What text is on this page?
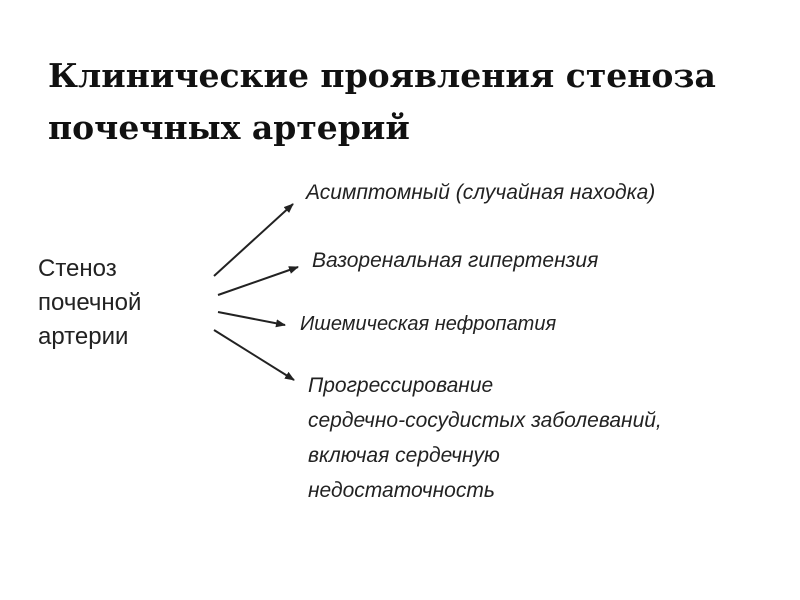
Клинические проявления стеноза
почечных артерий
Стеноз
почечной
артерии
Асимптомный (случайная находка)
Вазоренальная гипертензия
Ишемическая нефропатия
Прогрессирование
сердечно-сосудистых заболеваний,
включая сердечную
недостаточность
